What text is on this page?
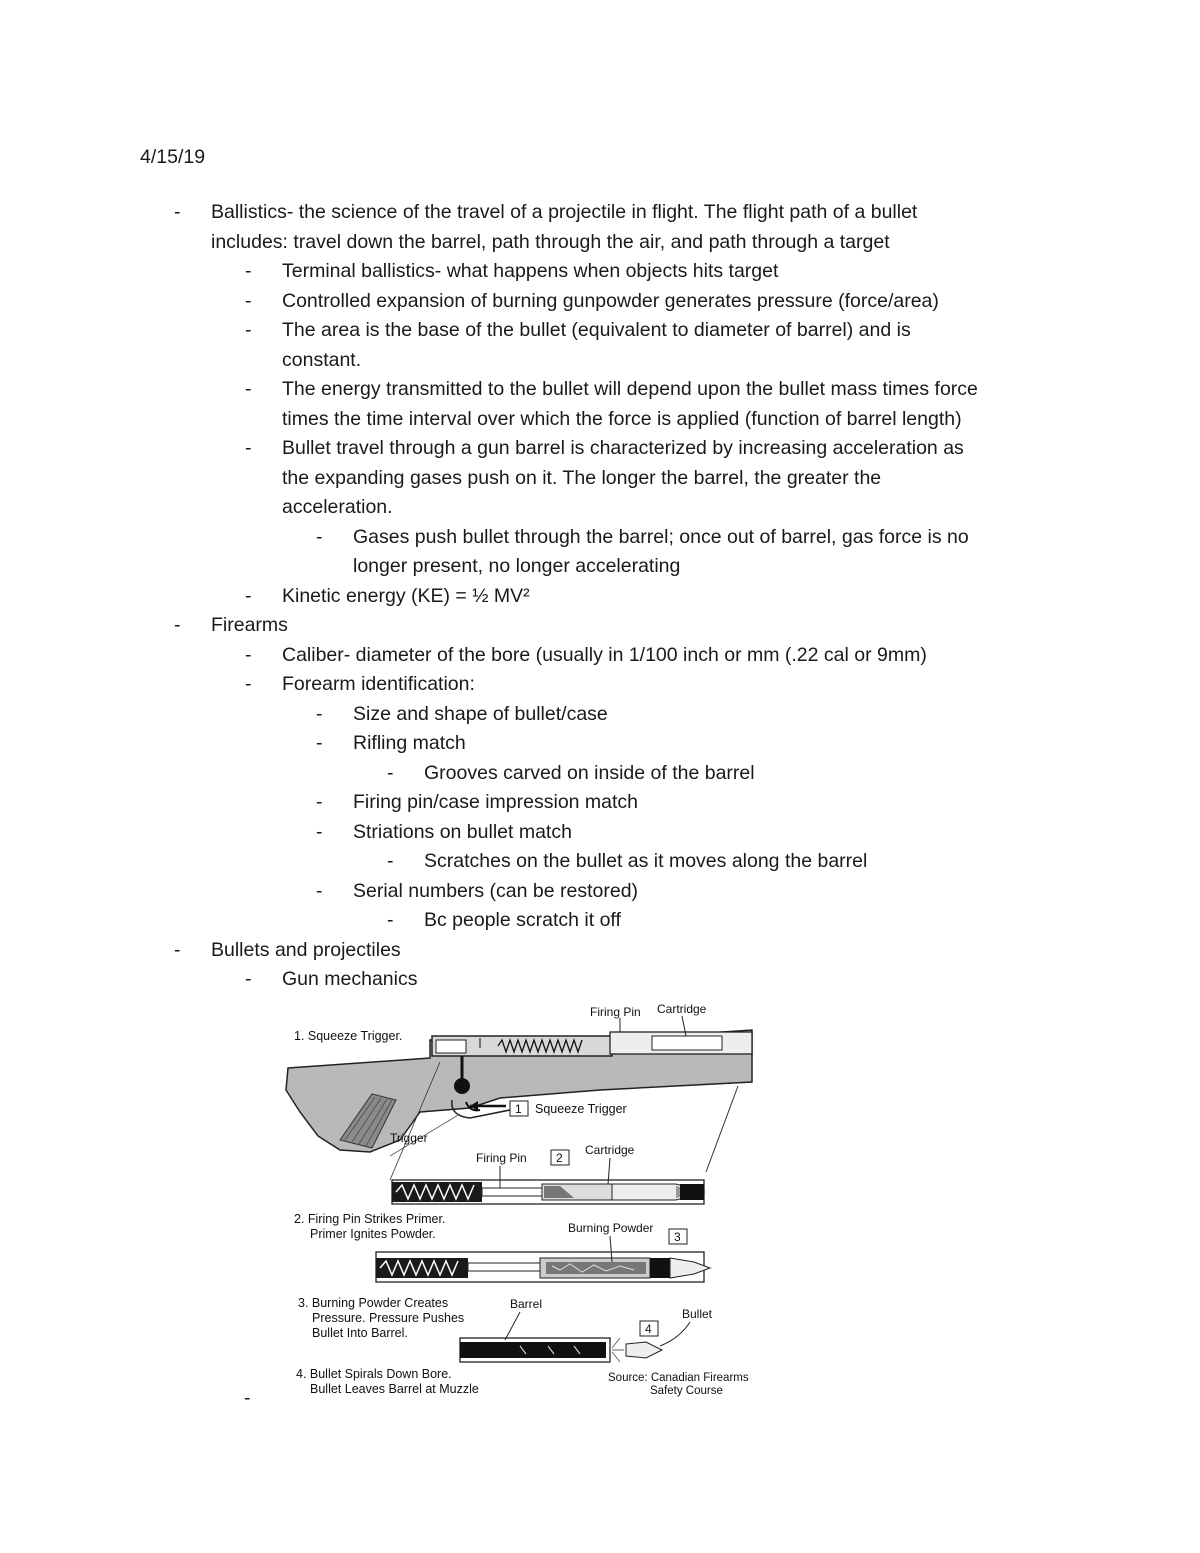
4/15/19
- Ballistics- the science of the travel of a projectile in flight. The flight path of a bullet
includes: travel down the barrel, path through the air, and path through a target
- Terminal ballistics- what happens when objects hits target
- Controlled expansion of burning gunpowder generates pressure (force/area)
- The area is the base of the bullet (equivalent to diameter of barrel) and is
constant.
- The energy transmitted to the bullet will depend upon the bullet mass times force
times the time interval over which the force is applied (function of barrel length)
- Bullet travel through a gun barrel is characterized by increasing acceleration as
the expanding gases push on it. The longer the barrel, the greater the
acceleration.
- Gases push bullet through the barrel; once out of barrel, gas force is no
longer present, no longer accelerating
- Kinetic energy (KE) = ½ MV²
- Firearms
- Caliber- diameter of the bore (usually in 1/100 inch or mm (.22 cal or 9mm)
- Forearm identification:
- Size and shape of bullet/case
- Rifling match
- Grooves carved on inside of the barrel
- Firing pin/case impression match
- Striations on bullet match
- Scratches on the bullet as it moves along the barrel
- Serial numbers (can be restored)
- Bc people scratch it off
- Bullets and projectiles
- Gun mechanics
1. Squeeze Trigger.
Firing Pin Cartridge
1 Squeeze Trigger
Trigger
Firing Pin 2
Cartridge
2. Firing Pin Strikes Primer.
Primer Ignites Powder.	Burning Powder
3
3. Burning Powder Creates
Pressure. Pressure Pushes
Bullet Into Barrel.
Barrel
Bullet
4
4. Bullet Spirals Down Bore.
Bullet Leaves Barrel at Muzzle
Source: Canadian Firearms
Safety Course
-
